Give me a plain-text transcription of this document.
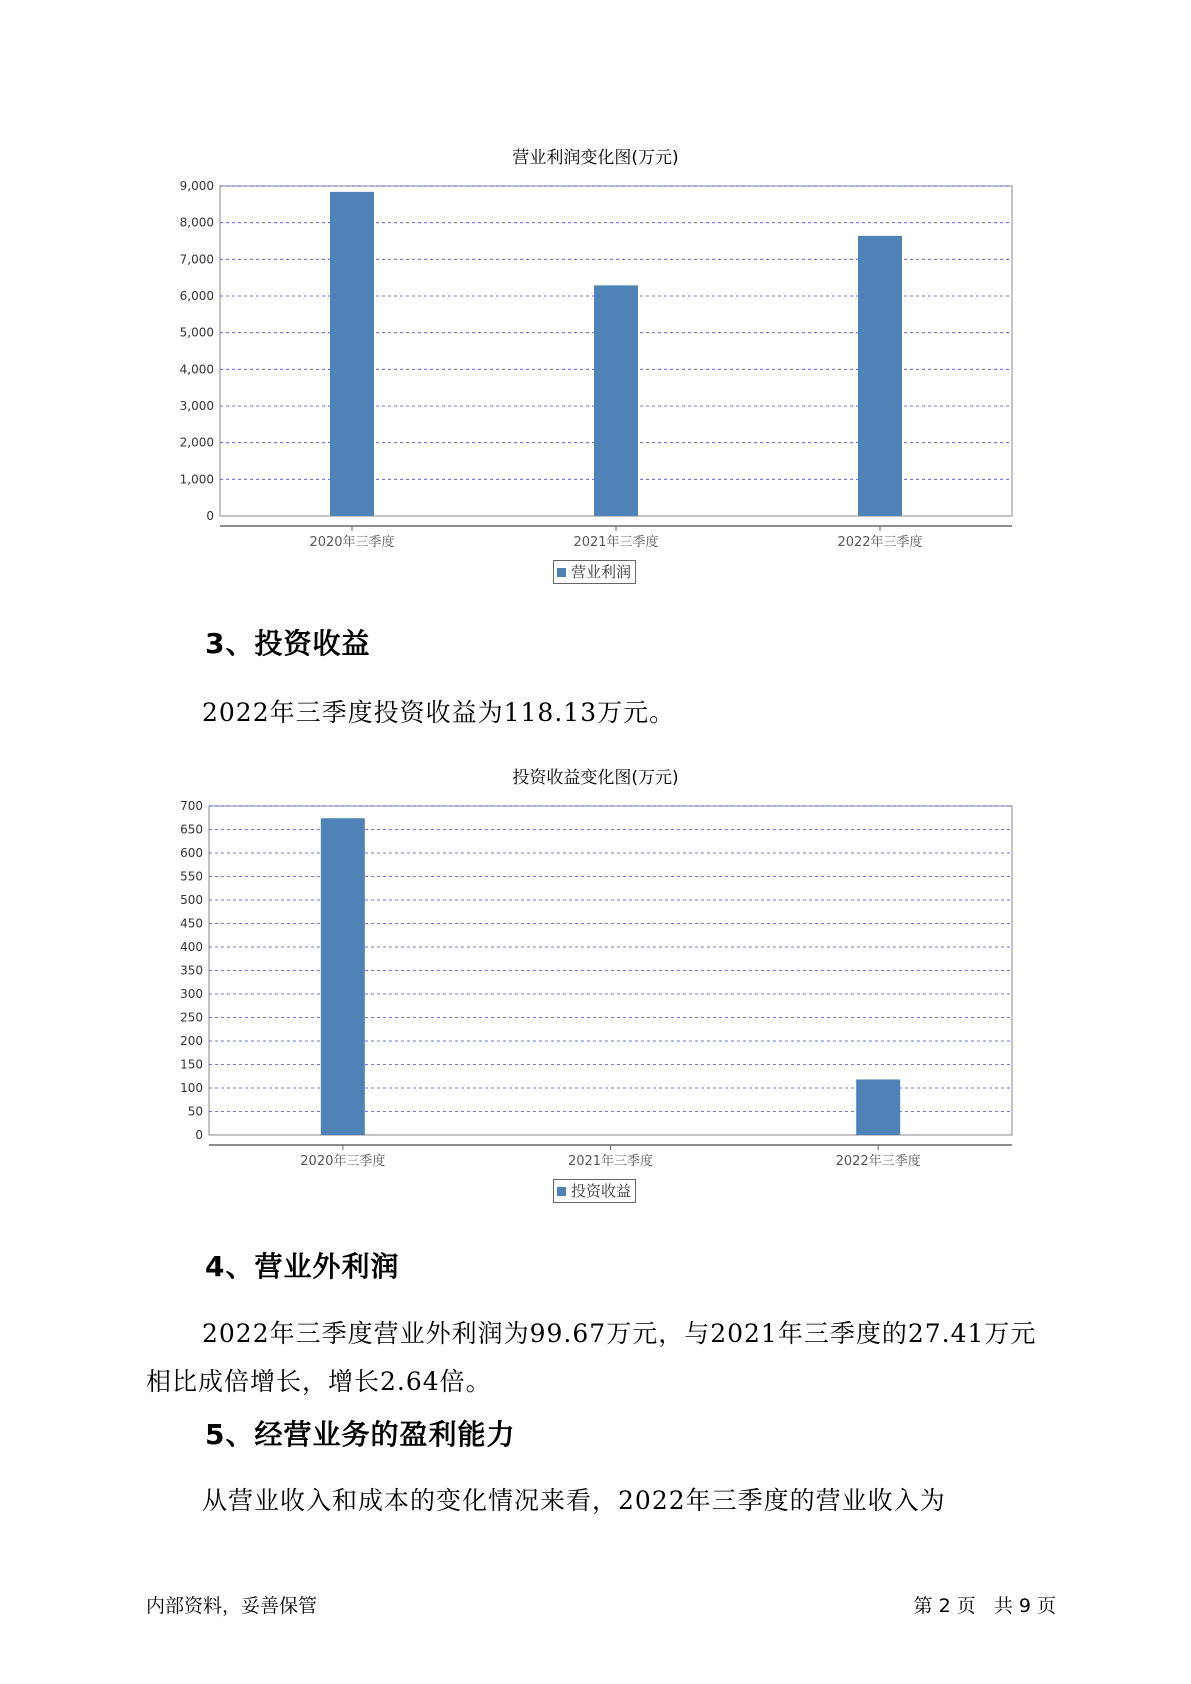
营业利润变化图(万元)
0
1,000
2,000
3,000
4,000
5,000
6,000
7,000
8,000
9,000
2020年三季度	2021年三季度	2022年三季度
营业利润
3、投资收益
2022年三季度投资收益为118.13万元。
投资收益变化图(万元)
0
50
100
150
200
250
300
350
400
450
500
550
600
650
700
2020年三季度	2021年三季度	2022年三季度
投资收益
4、营业外利润
2022年三季度营业外利润为99.67万元，与2021年三季度的27.41万元
相比成倍增长，增长2.64倍。
5、经营业务的盈利能力
从营业收入和成本的变化情况来看，2022年三季度的营业收入为
内部资料，妥善保管	第 2 页   共 9 页
